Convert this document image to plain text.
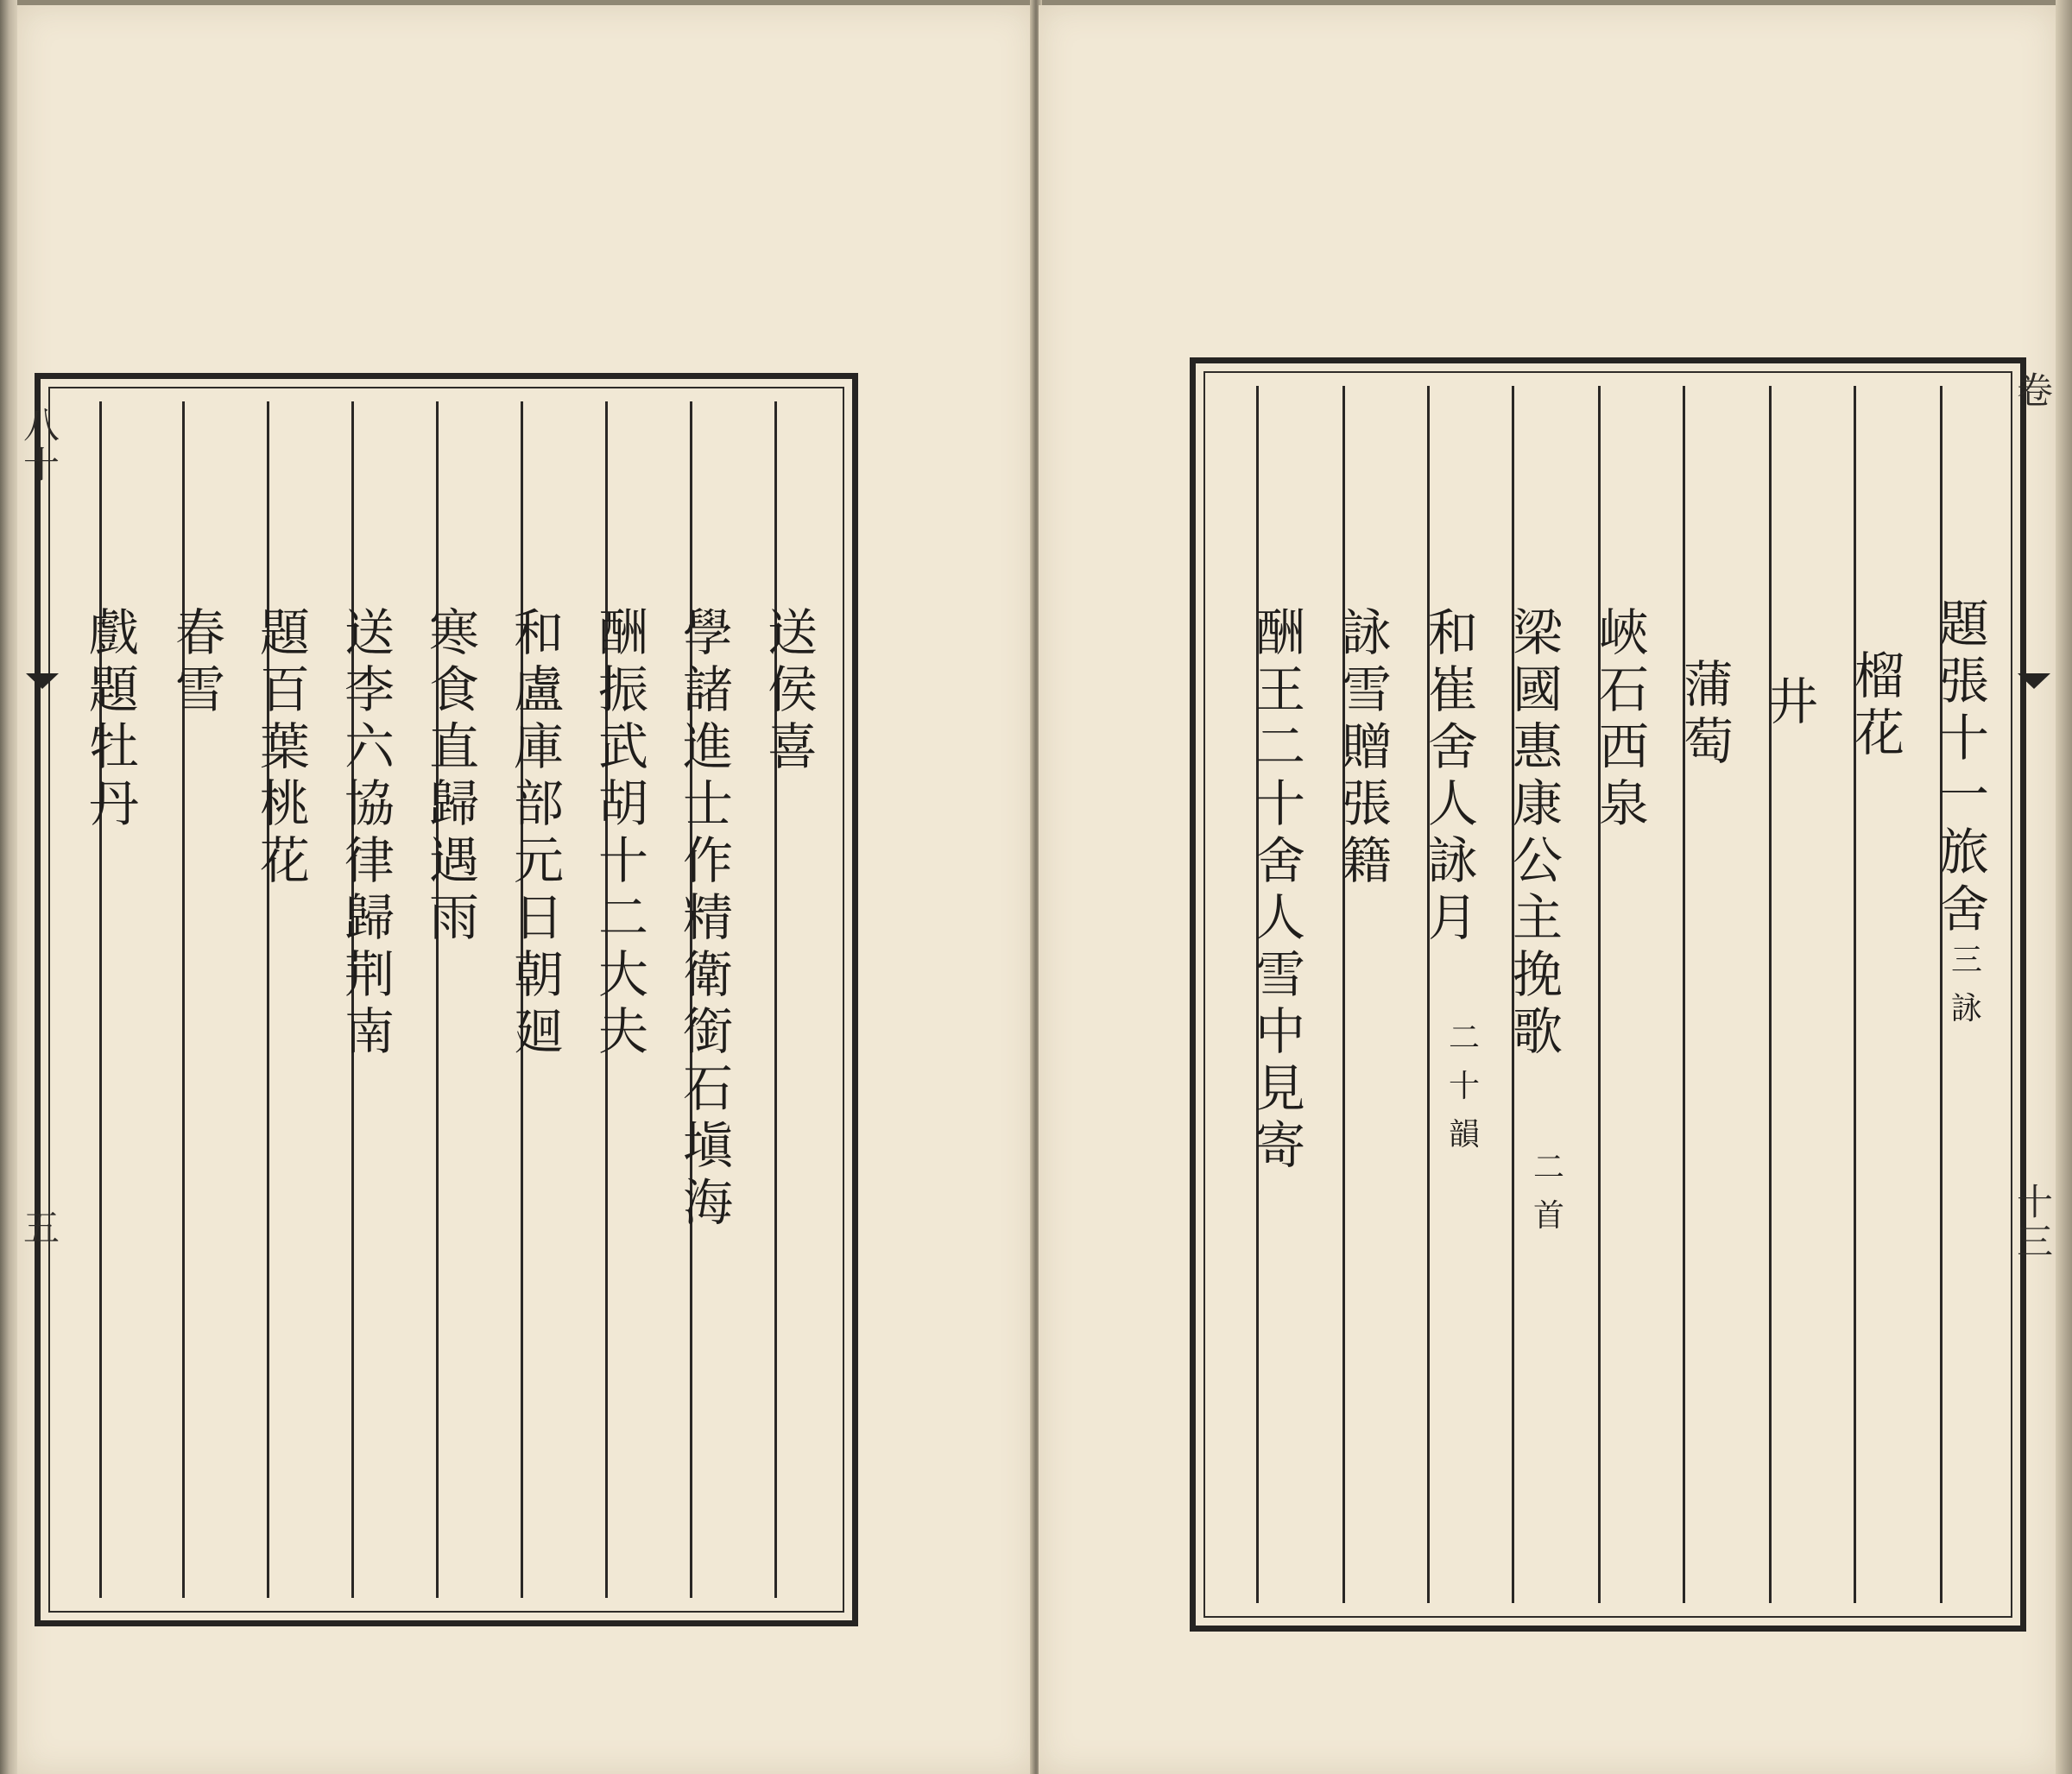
送
侯
喜
學
諸
進
士
作
精
衛
銜
石
塡
海
酬
振
武
胡
十
二
大
夫
和
盧
庫
部
元
日
朝
廻
寒
食
直
歸
遇
雨
送
李
六
協
律
歸
荆
南
題
百
葉
桃
花
春
雪
戲
題
牡
丹
八
十
五
題
張
十
一
旅
舍
三
詠
榴
花
井
蒲
萄
峽
石
西
泉
梁
國
惠
康
公
主
挽
歌
二
首
和
崔
舍
人
詠
月
二
十
韻
詠
雪
贈
張
籍
酬
王
二
十
舍
人
雪
中
見
寄
卷
十
三
